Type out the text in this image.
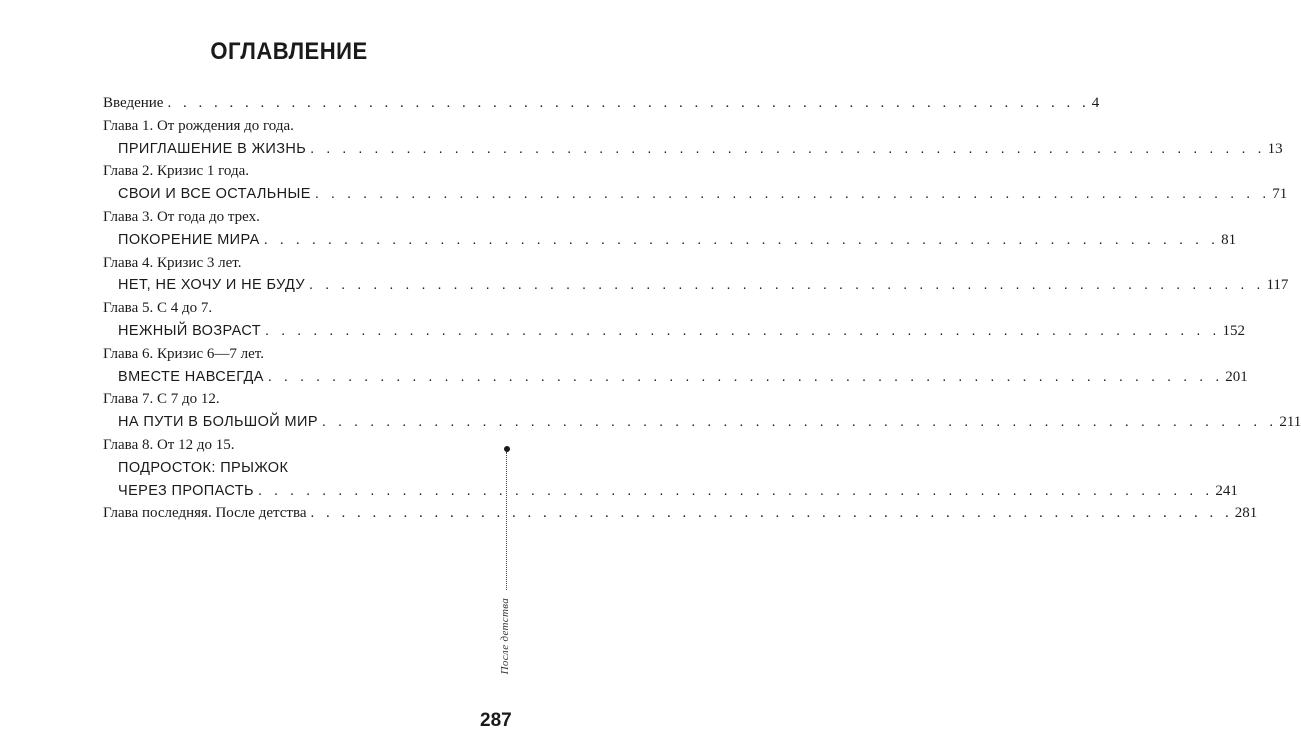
ОГЛАВЛЕНИЕ
Введение . . . . . . . . . . . . . . . . . . . . . . . . . . . . . . . . . . . . . . . . . . . . . . . . . . . . . . . . . . . . 4
Глава 1. От рождения до года.
ПРИГЛАШЕНИЕ В ЖИЗНЬ . . . . . . . . . . . . . . . . . . . . . . . . . . . . . . . . . . . . . . . . . . . . . . . . . . . . . . . . . . . . 13
Глава 2. Кризис 1 года.
СВОИ И ВСЕ ОСТАЛЬНЫЕ . . . . . . . . . . . . . . . . . . . . . . . . . . . . . . . . . . . . . . . . . . . . . . . . . . . . . . . . . . . . 71
Глава 3. От года до трех.
ПОКОРЕНИЕ МИРА . . . . . . . . . . . . . . . . . . . . . . . . . . . . . . . . . . . . . . . . . . . . . . . . . . . . . . . . . . . . 81
Глава 4. Кризис 3 лет.
НЕТ, НЕ ХОЧУ И НЕ БУДУ . . . . . . . . . . . . . . . . . . . . . . . . . . . . . . . . . . . . . . . . . . . . . . . . . . . . . . . . . . . . 117
Глава 5. С 4 до 7.
НЕЖНЫЙ ВОЗРАСТ . . . . . . . . . . . . . . . . . . . . . . . . . . . . . . . . . . . . . . . . . . . . . . . . . . . . . . . . . . . . 152
Глава 6. Кризис 6—7 лет.
ВМЕСТЕ НАВСЕГДА . . . . . . . . . . . . . . . . . . . . . . . . . . . . . . . . . . . . . . . . . . . . . . . . . . . . . . . . . . . . 201
Глава 7. С 7 до 12.
НА ПУТИ В БОЛЬШОЙ МИР . . . . . . . . . . . . . . . . . . . . . . . . . . . . . . . . . . . . . . . . . . . . . . . . . . . . . . . . . . . . 211
Глава 8. От 12 до 15.
ПОДРОСТОК: ПРЫЖОК
ЧЕРЕЗ ПРОПАСТЬ . . . . . . . . . . . . . . . . . . . . . . . . . . . . . . . . . . . . . . . . . . . . . . . . . . . . . . . . . . . . 241
Глава последняя. После детства . . . . . . . . . . . . . . . . . . . . . . . . . . . . . . . . . . . . . . . . . . . . . . . . . . . . . . . . . . . . 281
После детства
287
